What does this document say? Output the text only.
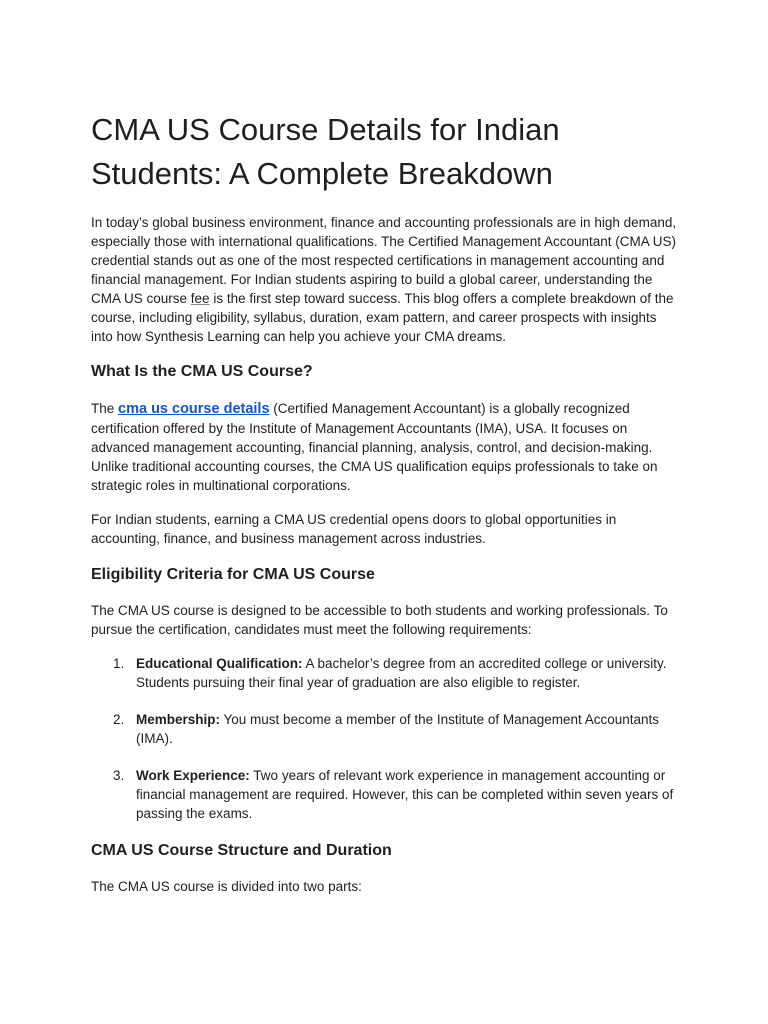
CMA US Course Details for Indian Students: A Complete Breakdown

In today’s global business environment, finance and accounting professionals are in high demand, especially those with international qualifications. The Certified Management Accountant (CMA US) credential stands out as one of the most respected certifications in management accounting and financial management. For Indian students aspiring to build a global career, understanding the CMA US course fee is the first step toward success. This blog offers a complete breakdown of the course, including eligibility, syllabus, duration, exam pattern, and career prospects with insights into how Synthesis Learning can help you achieve your CMA dreams.

What Is the CMA US Course?

The cma us course details (Certified Management Accountant) is a globally recognized certification offered by the Institute of Management Accountants (IMA), USA. It focuses on advanced management accounting, financial planning, analysis, control, and decision-making. Unlike traditional accounting courses, the CMA US qualification equips professionals to take on strategic roles in multinational corporations.

For Indian students, earning a CMA US credential opens doors to global opportunities in accounting, finance, and business management across industries.

Eligibility Criteria for CMA US Course

The CMA US course is designed to be accessible to both students and working professionals. To pursue the certification, candidates must meet the following requirements:

1. Educational Qualification: A bachelor’s degree from an accredited college or university. Students pursuing their final year of graduation are also eligible to register.
2. Membership: You must become a member of the Institute of Management Accountants (IMA).
3. Work Experience: Two years of relevant work experience in management accounting or financial management are required. However, this can be completed within seven years of passing the exams.
CMA US Course Structure and Duration

The CMA US course is divided into two parts:
